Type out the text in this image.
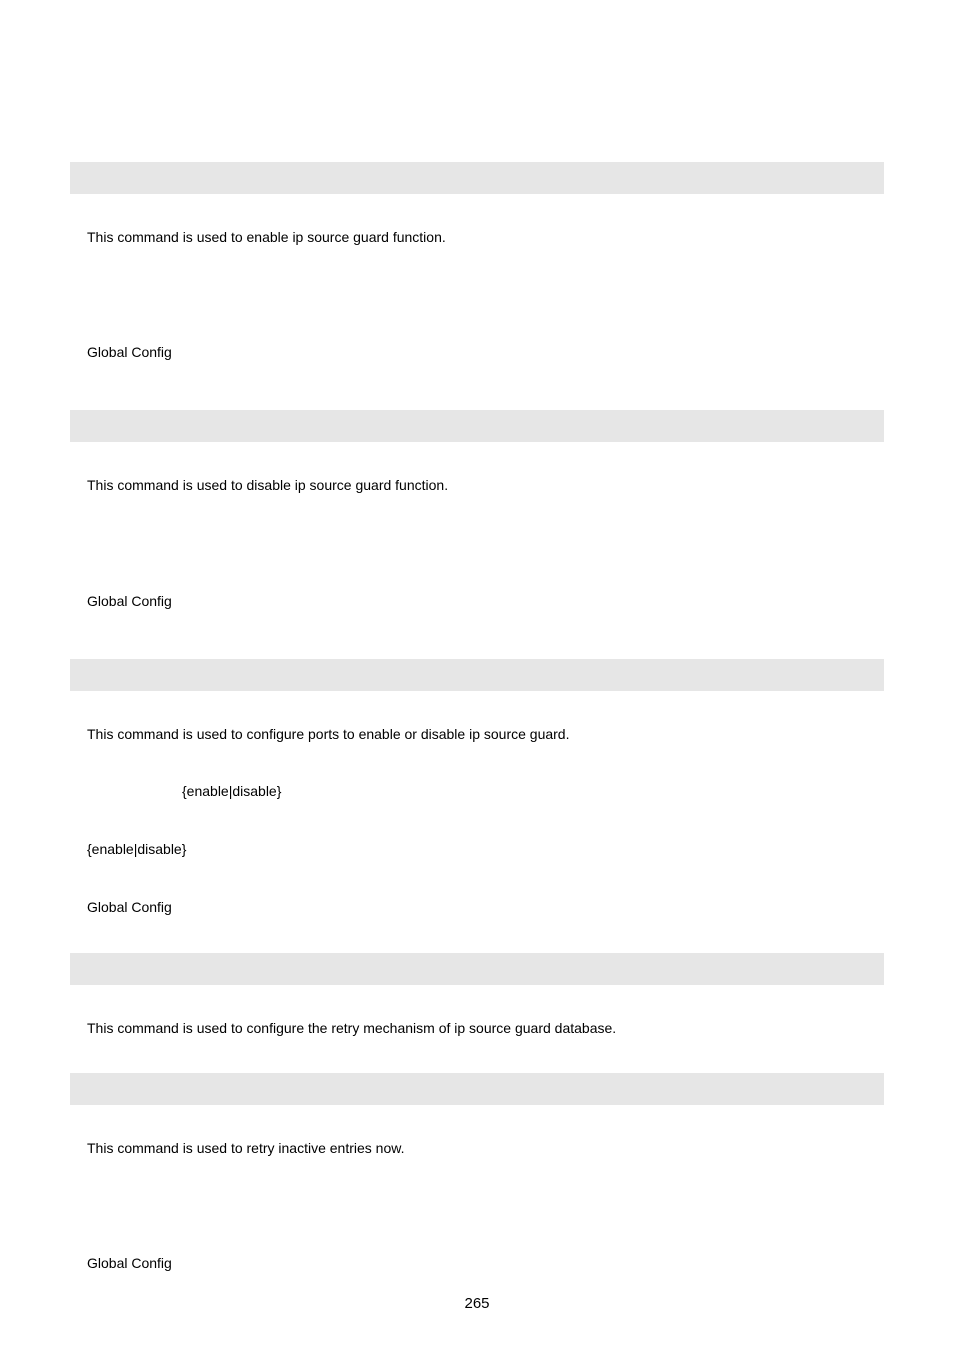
This command is used to enable ip source guard function.
Global Config
This command is used to disable ip source guard function.
Global Config
This command is used to configure ports to enable or disable ip source guard.
{enable|disable}
{enable|disable}
Global Config
This command is used to configure the retry mechanism of ip source guard database.
This command is used to retry inactive entries now.
Global Config
265
